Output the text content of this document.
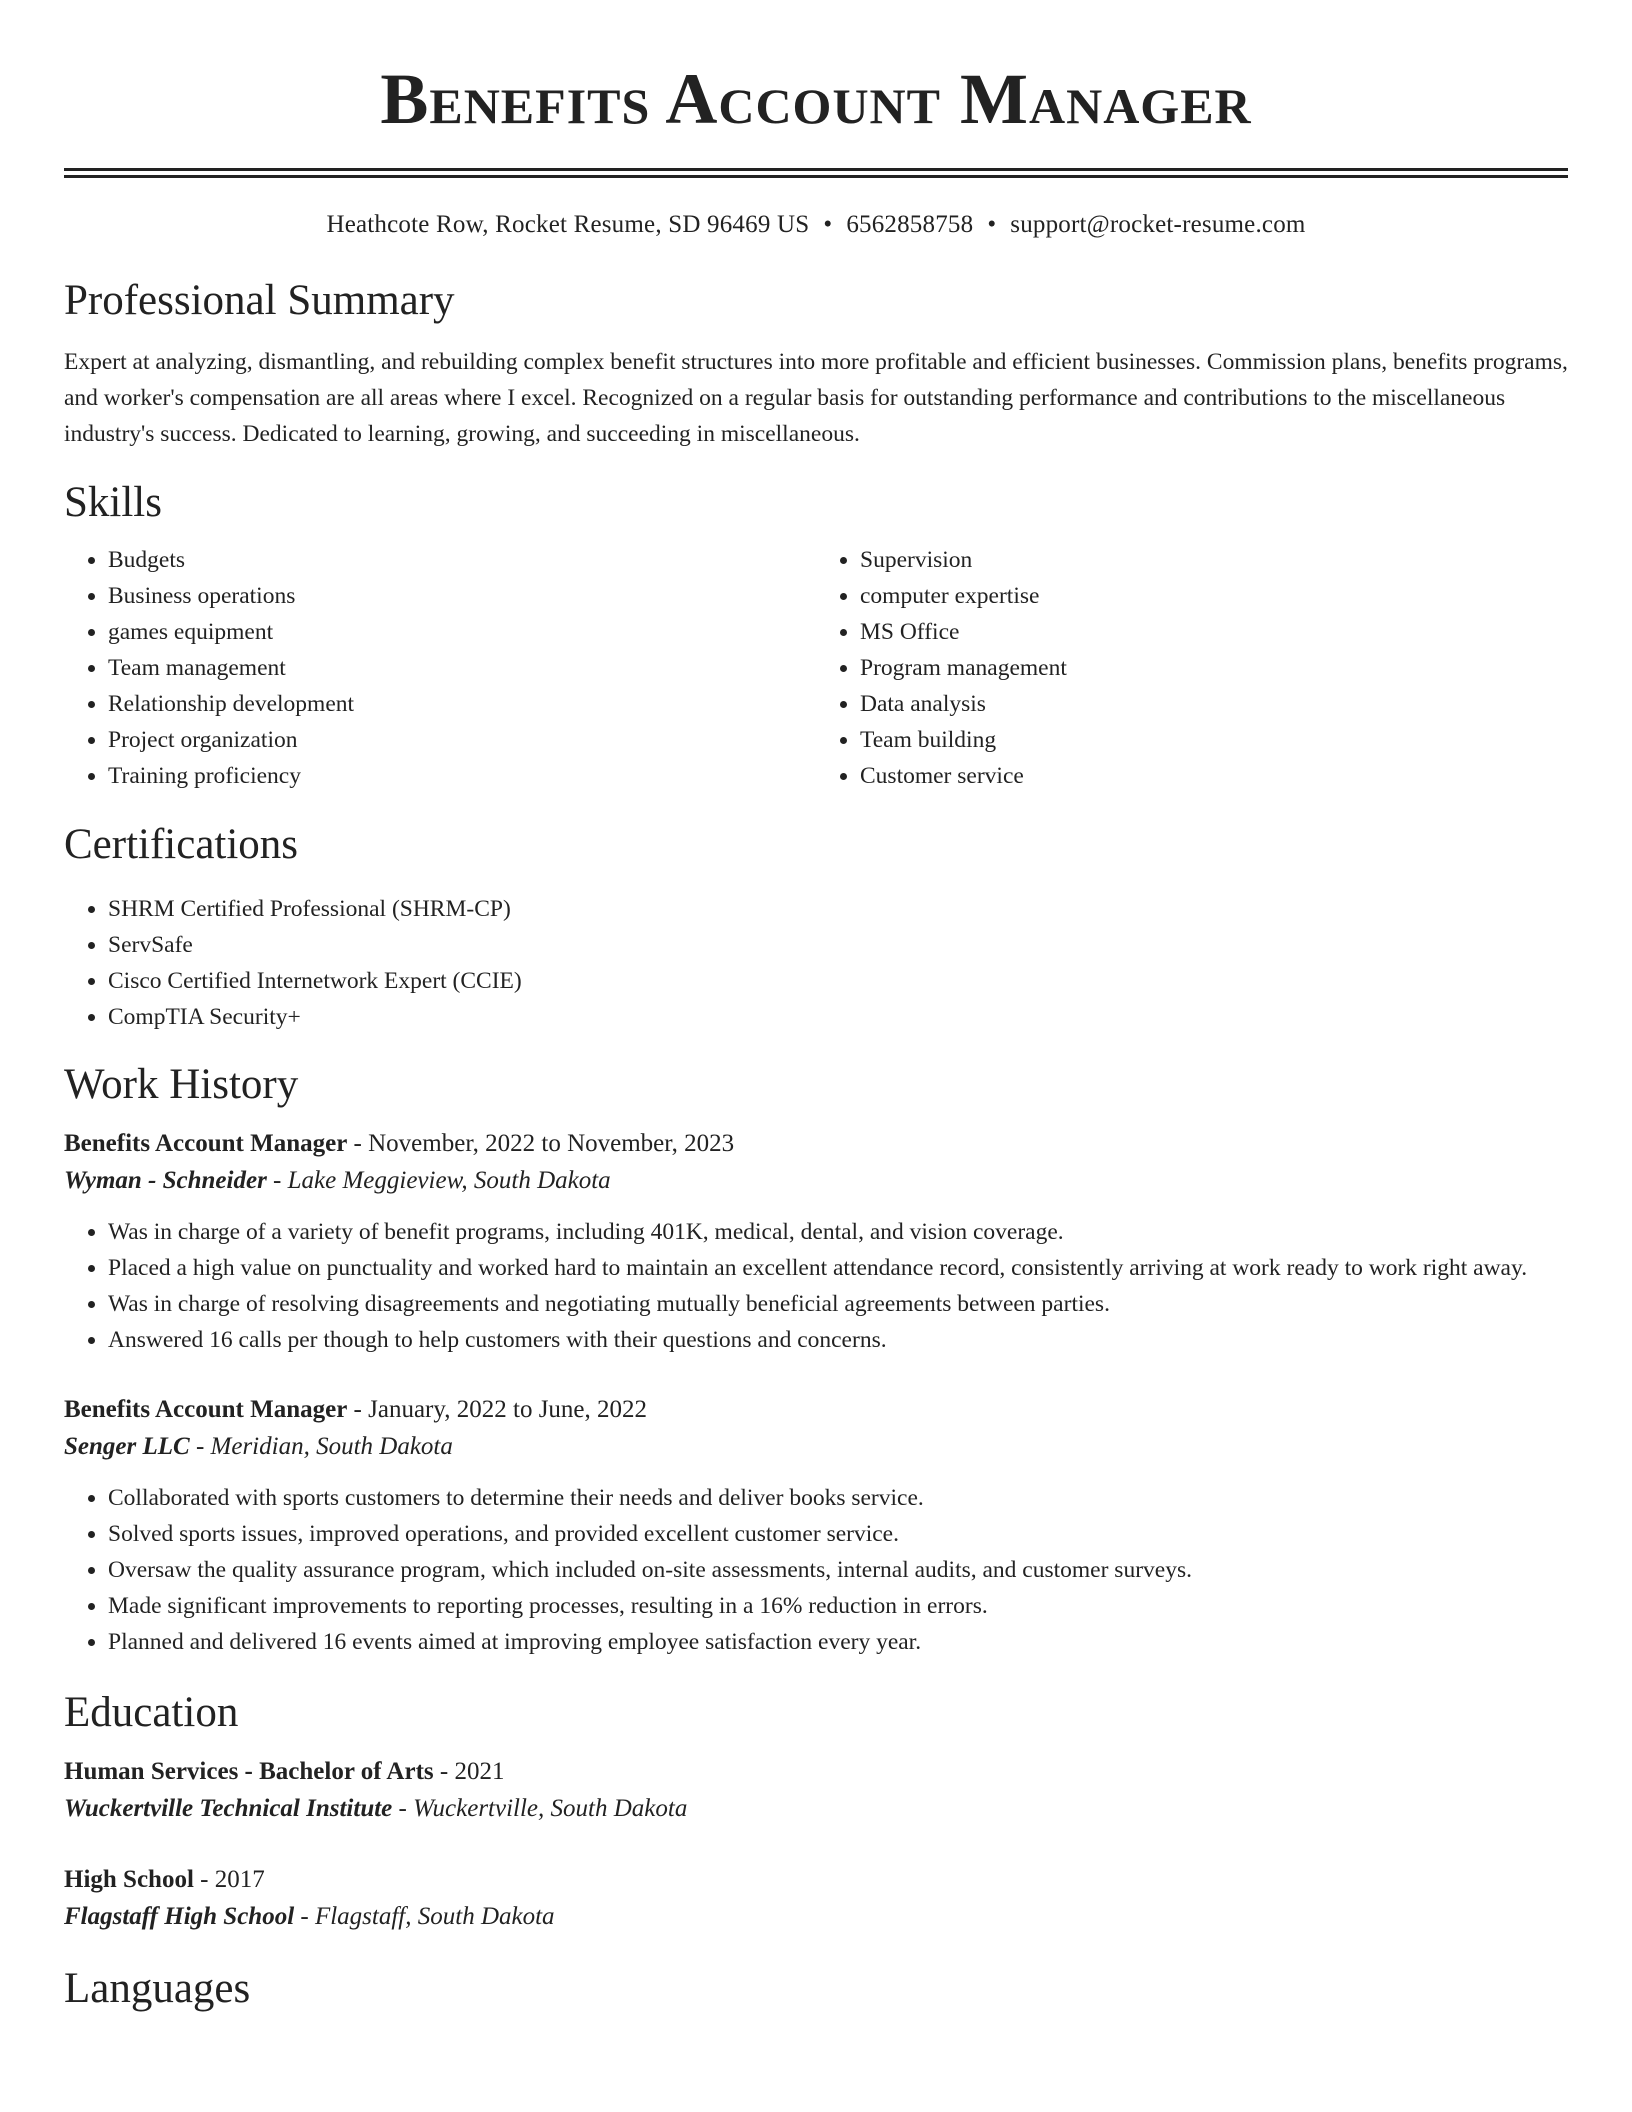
Benefits Account Manager
Heathcote Row, Rocket Resume, SD 96469 US • 6562858758 • support@rocket-resume.com
Professional Summary

Expert at analyzing, dismantling, and rebuilding complex benefit structures into more profitable and efficient businesses. Commission plans, benefits programs, and worker's compensation are all areas where I excel. Recognized on a regular basis for outstanding performance and contributions to the miscellaneous industry's success. Dedicated to learning, growing, and succeeding in miscellaneous.

Skills
• Budgets
• Business operations
• games equipment
• Team management
• Relationship development
• Project organization
• Training proficiency
• Supervision
• computer expertise
• MS Office
• Program management
• Data analysis
• Team building
• Customer service
Certifications
• SHRM Certified Professional (SHRM-CP)
• ServSafe
• Cisco Certified Internetwork Expert (CCIE)
• CompTIA Security+
Work History
Benefits Account Manager - November, 2022 to November, 2023
Wyman - Schneider - Lake Meggieview, South Dakota
• Was in charge of a variety of benefit programs, including 401K, medical, dental, and vision coverage.
• Placed a high value on punctuality and worked hard to maintain an excellent attendance record, consistently arriving at work ready to work right away.
• Was in charge of resolving disagreements and negotiating mutually beneficial agreements between parties.
• Answered 16 calls per though to help customers with their questions and concerns.
Benefits Account Manager - January, 2022 to June, 2022
Senger LLC - Meridian, South Dakota
• Collaborated with sports customers to determine their needs and deliver books service.
• Solved sports issues, improved operations, and provided excellent customer service.
• Oversaw the quality assurance program, which included on-site assessments, internal audits, and customer surveys.
• Made significant improvements to reporting processes, resulting in a 16% reduction in errors.
• Planned and delivered 16 events aimed at improving employee satisfaction every year.
Education
Human Services - Bachelor of Arts - 2021
Wuckertville Technical Institute - Wuckertville, South Dakota
High School - 2017
Flagstaff High School - Flagstaff, South Dakota
Languages
